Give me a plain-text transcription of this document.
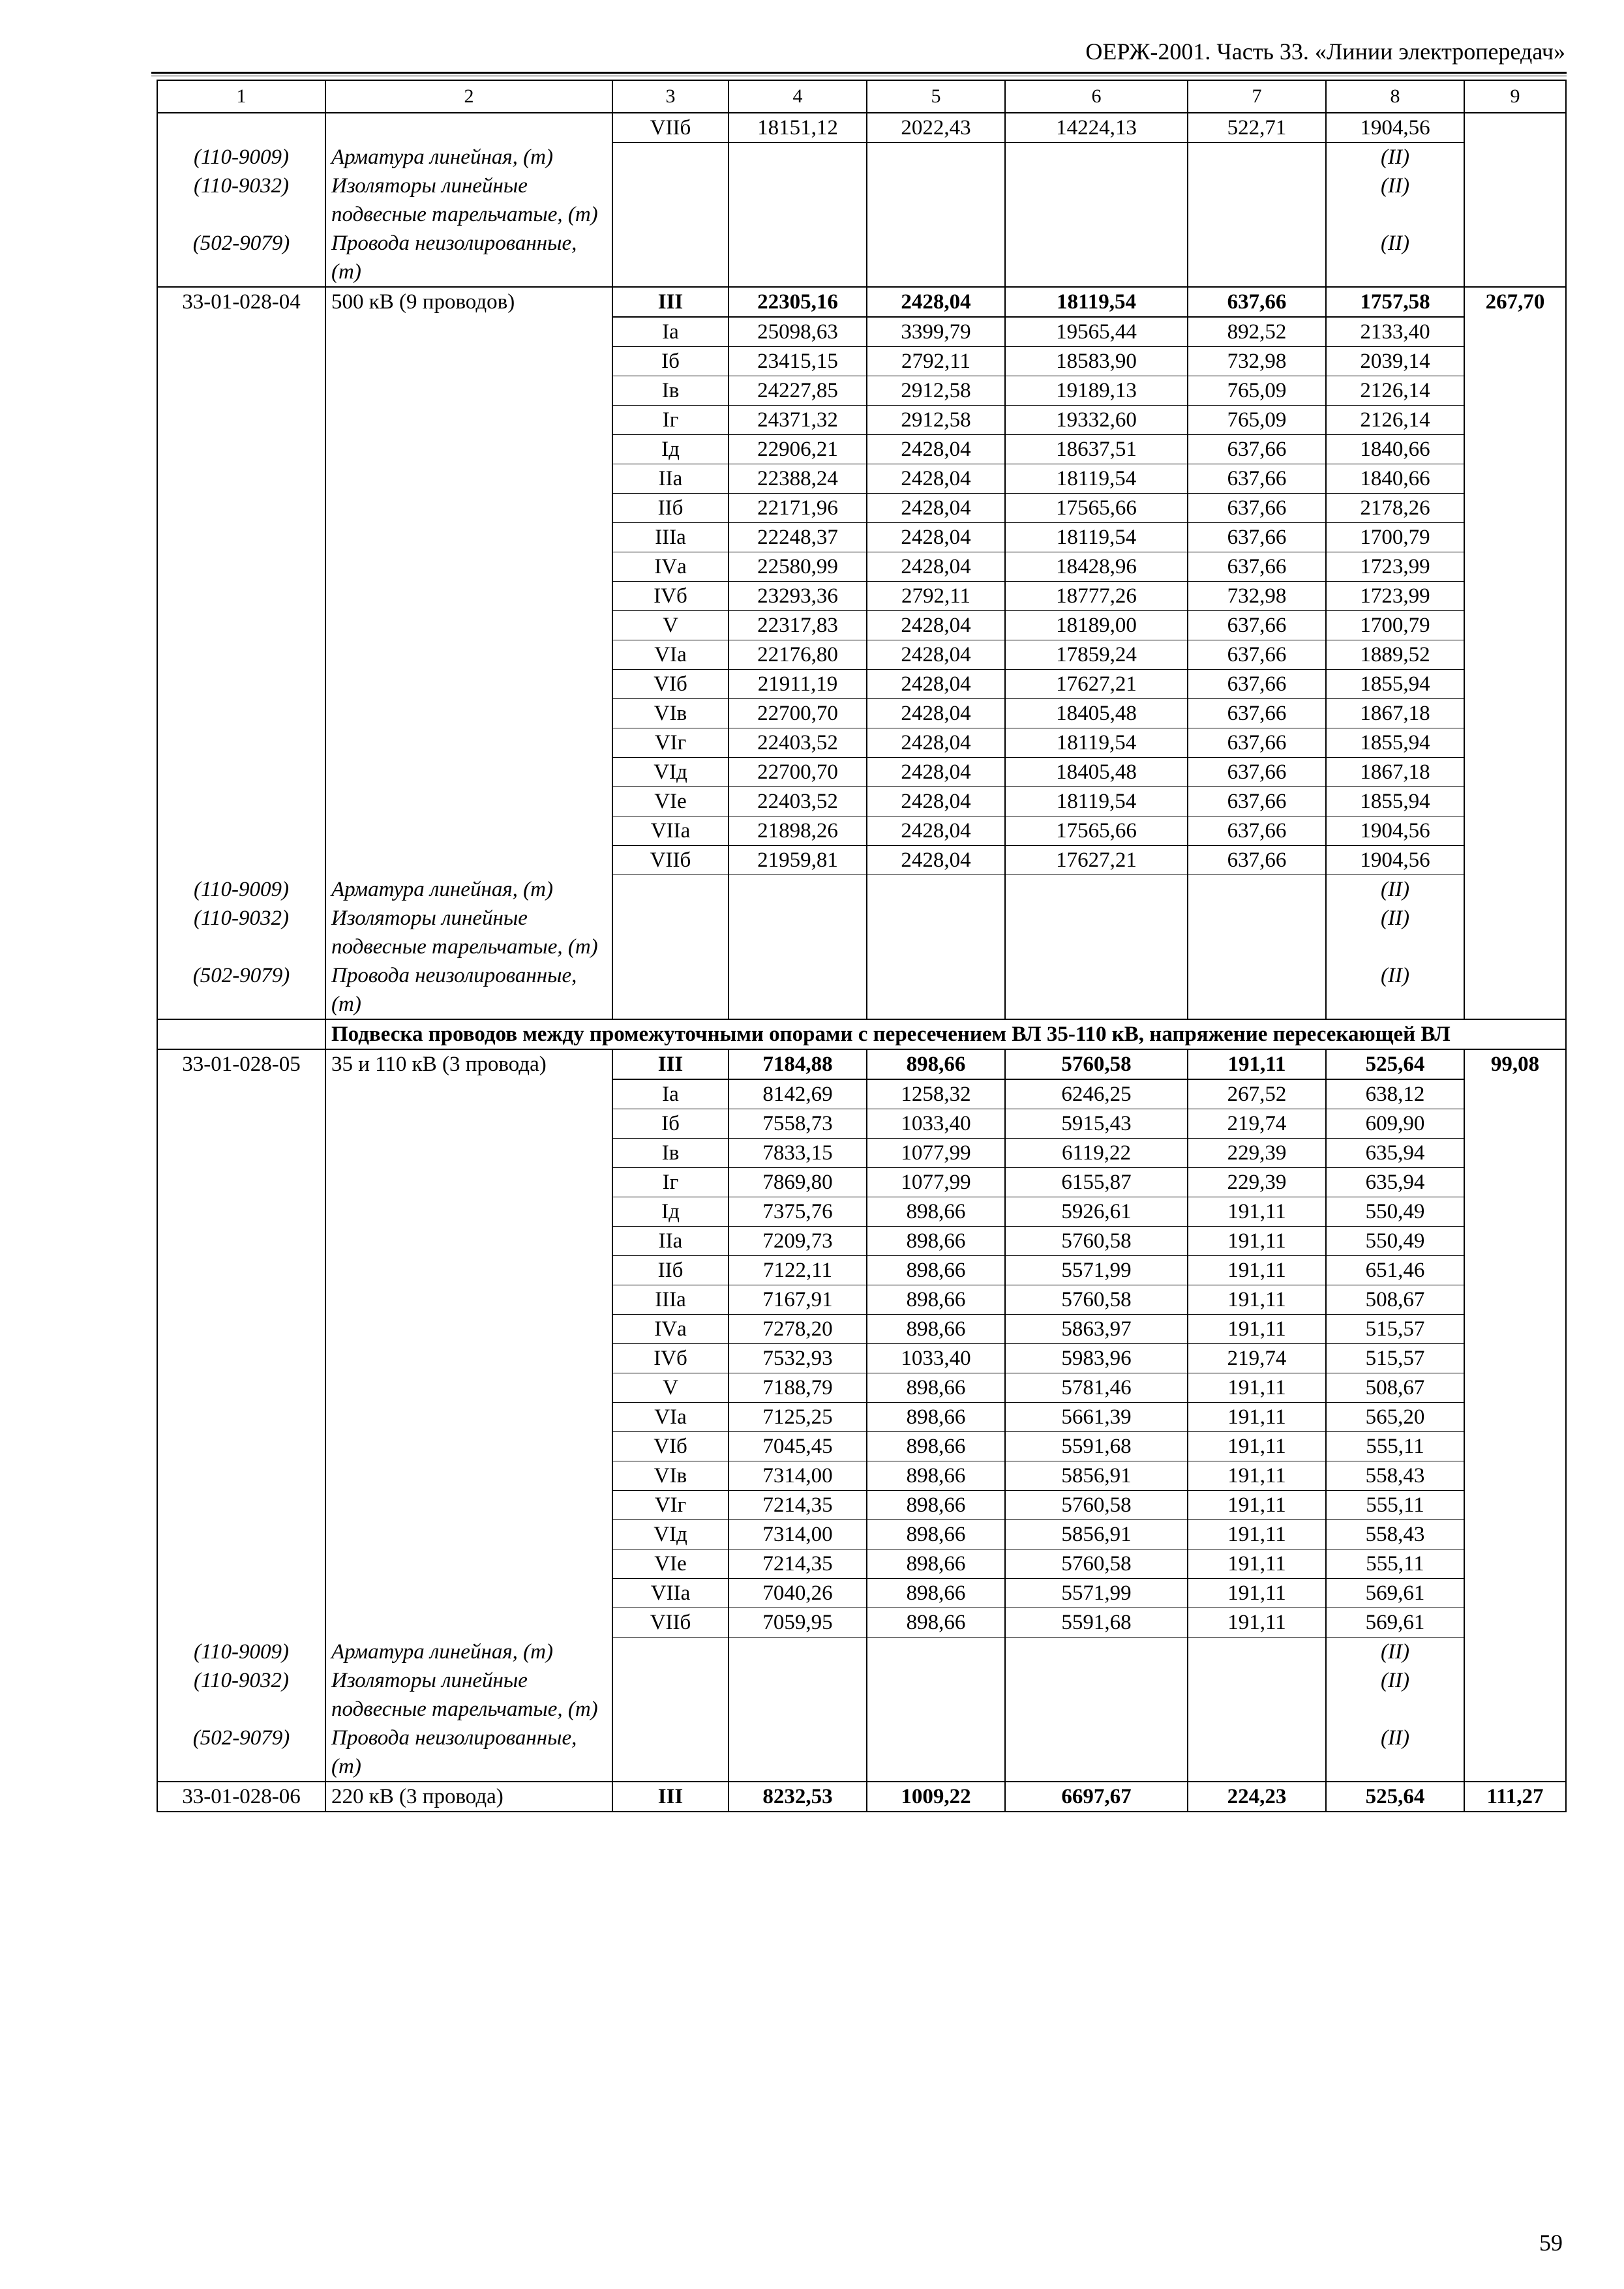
ОЕРЖ-2001. Часть 33. «Линии электропередач»
1	2	3	4	5	6	7	8	9
		VIIб	18151,12	2022,43	14224,13	522,71	1904,56	
(110-9009)	Арматура линейная, (т)						(II)	
(110-9032)	Изоляторы линейные подвесные тарельчатые, (т)						(II)	
(502-9079)	Провода неизолированные, (т)						(II)	
33-01-028-04	500 кВ (9 проводов)	III	22305,16	2428,04	18119,54	637,66	1757,58	267,70
		Iа	25098,63	3399,79	19565,44	892,52	2133,40	
		Iб	23415,15	2792,11	18583,90	732,98	2039,14	
		Iв	24227,85	2912,58	19189,13	765,09	2126,14	
		Iг	24371,32	2912,58	19332,60	765,09	2126,14	
		Iд	22906,21	2428,04	18637,51	637,66	1840,66	
		IIа	22388,24	2428,04	18119,54	637,66	1840,66	
		IIб	22171,96	2428,04	17565,66	637,66	2178,26	
		IIIа	22248,37	2428,04	18119,54	637,66	1700,79	
		IVа	22580,99	2428,04	18428,96	637,66	1723,99	
		IVб	23293,36	2792,11	18777,26	732,98	1723,99	
		V	22317,83	2428,04	18189,00	637,66	1700,79	
		VIа	22176,80	2428,04	17859,24	637,66	1889,52	
		VIб	21911,19	2428,04	17627,21	637,66	1855,94	
		VIв	22700,70	2428,04	18405,48	637,66	1867,18	
		VIг	22403,52	2428,04	18119,54	637,66	1855,94	
		VIд	22700,70	2428,04	18405,48	637,66	1867,18	
		VIе	22403,52	2428,04	18119,54	637,66	1855,94	
		VIIа	21898,26	2428,04	17565,66	637,66	1904,56	
		VIIб	21959,81	2428,04	17627,21	637,66	1904,56	
(110-9009)	Арматура линейная, (т)						(II)	
(110-9032)	Изоляторы линейные подвесные тарельчатые, (т)						(II)	
(502-9079)	Провода неизолированные, (т)						(II)	
	Подвеска проводов между промежуточными опорами с пересечением ВЛ 35-110 кВ, напряжение пересекающей ВЛ							
33-01-028-05	35 и 110 кВ (3 провода)	III	7184,88	898,66	5760,58	191,11	525,64	99,08
		Iа	8142,69	1258,32	6246,25	267,52	638,12	
		Iб	7558,73	1033,40	5915,43	219,74	609,90	
		Iв	7833,15	1077,99	6119,22	229,39	635,94	
		Iг	7869,80	1077,99	6155,87	229,39	635,94	
		Iд	7375,76	898,66	5926,61	191,11	550,49	
		IIа	7209,73	898,66	5760,58	191,11	550,49	
		IIб	7122,11	898,66	5571,99	191,11	651,46	
		IIIа	7167,91	898,66	5760,58	191,11	508,67	
		IVа	7278,20	898,66	5863,97	191,11	515,57	
		IVб	7532,93	1033,40	5983,96	219,74	515,57	
		V	7188,79	898,66	5781,46	191,11	508,67	
		VIа	7125,25	898,66	5661,39	191,11	565,20	
		VIб	7045,45	898,66	5591,68	191,11	555,11	
		VIв	7314,00	898,66	5856,91	191,11	558,43	
		VIг	7214,35	898,66	5760,58	191,11	555,11	
		VIд	7314,00	898,66	5856,91	191,11	558,43	
		VIе	7214,35	898,66	5760,58	191,11	555,11	
		VIIа	7040,26	898,66	5571,99	191,11	569,61	
		VIIб	7059,95	898,66	5591,68	191,11	569,61	
(110-9009)	Арматура линейная, (т)						(II)	
(110-9032)	Изоляторы линейные подвесные тарельчатые, (т)						(II)	
(502-9079)	Провода неизолированные, (т)						(II)	
33-01-028-06	220 кВ (3 провода)	III	8232,53	1009,22	6697,67	224,23	525,64	111,27
59
